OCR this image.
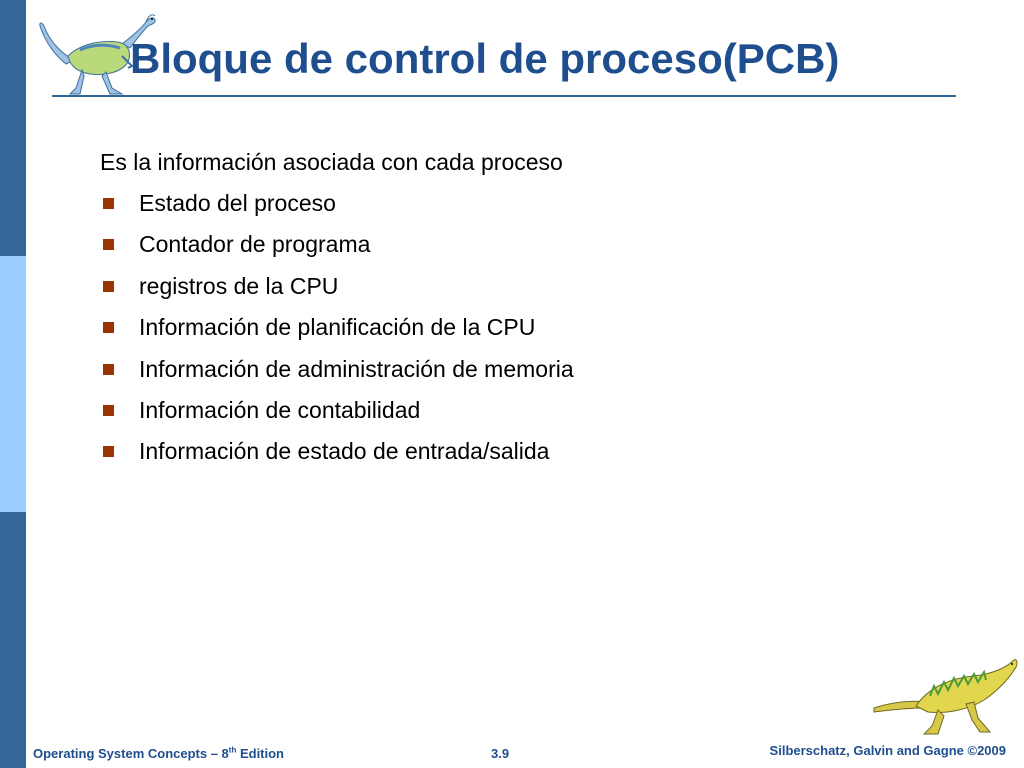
Bloque de control de proceso(PCB)

Es la información asociada con cada proceso

Estado del proceso
Contador de programa
registros de la CPU
Información de planificación de la CPU
Información de administración de memoria
Información de contabilidad
Información de estado de entrada/salida
Operating System Concepts – 8th Edition	3.9	Silberschatz, Galvin and Gagne ©2009
